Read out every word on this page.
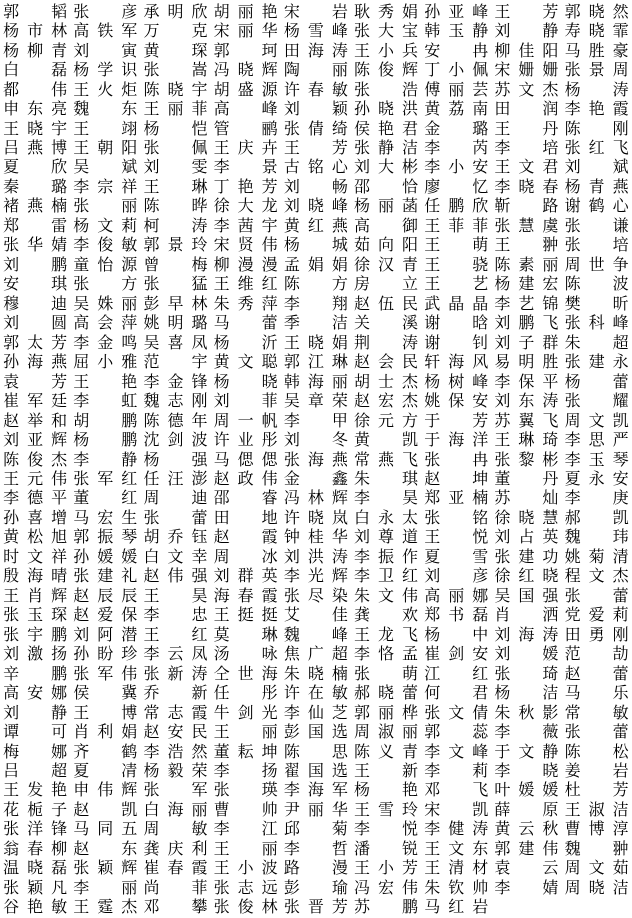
郭 韬
杨 市 林
杨 柳 青
白 磊
都 伟
申 东 亮
王 晓 宇
吕 燕 博
夏 欣
秦 璐
褚 燕 楠
郑 雷
张 华 婧
刘 鹏
安 琪
穆 迪
刘 圆
郭 太 芳
孙 海 燕
袁 芳
崔 军 廷
赵 举 和
刘 亚 辉
陈 俊 杰
王 元 伟
李 德 平
孙 喜 增
黄 松 旭
时 文 祥
殷 海 晴
王 肖 辉
张 玉 琛
张 宇 鹏
刘 激 扬
辛 鹏
高 安 娜
刘 静
谭 可
梅 娜
吕 超
王 发 艳
花 栀 子
张 洋 锋
翁 春 柳
温 晓 磊
张 颖 凡
谷 艳 敏
张 彦
高 铁 军
刘 寅
杨 学 识
王 火 炬
魏 东
王 翊
王 朝 阳
吴 斌
李 宗 祥
张 丽
杨 文 莉
李 俊 敏
童 怡 源
张 方
吴 姝 丽
高 会 萍
李 金 鸣
屈 小 雅
王 艳
李 虹
胡 鹏
杨 鹏
李 静
张 军 红
董 红
马 宏 生
郭 振 琴
孙 媛 媛
张 建 礼
赵 辰 辰
赵 爱 保
刘 阿 潜
孙 盼 珍
张 军 伟
侯 冀
王 博
肖 利 娟
齐 鹤
夏 凊
申 伟 辉
赵 凯
马 同 五
赵 东
张 颖 辉
李 丽
王 霆 杰
承 明 欣
万 克
黄 琛
张 嵩
陈 晓 宇
王 丽 菲
杨 恺
张 佩
刘 雯
王 琳
陈 晔
柯 涛
郭 景 玲
曾 梅
张 猛
彭 早 林
姚 明 璐
吴 喜 凤
范 宇
李 金 锋
魏 志 刚
陈 德 年
沈 剑 波
杨 强
任 汪 澎
周 迪
张 蕾
胡 乔 钰
白 文 幸
赵 伟 强
王 昊
李 忠
王 红
李 云 凤
张 新 涛
乔 新
常 志 霞
赵 安 民
李 浩 然
杨 毅 荣
张 军
白 海 丽
周 敏
龚 庆 利
崔 春 霞
尚 菲
邓 攀
胡 丽 艳
宋 丽 华
郭 珂
冯 晓 辉
胡 盛 源
高 峰
管 鹂
王 庆 卉
李 景
丁 艳 芳
徐 大 龙
李 茜 宇
宋 贤 伟
柳 漫 漫
王 维 红
朱 秀 萍
马 蕾
杨 沂
黄 文 聪
杨 晓
刘 菲
周 一 帆
许 业 彤
马 偲 偲
赵 政 伟
邵 睿
田 地
赵 霞
周 冰
刘 群 英
海 春 霞
王 挺 挺
莫 琳
汤 咏
仝 世 海
任 彤
牛 剑 光
王 丽
董 耘 坤
李 扬
张 瑛
曹 帅
李 江
王 丽
王 小 波
张 志 远
张 俊 林
宋 岩
杨 雪 峰
田 海 涛
陶 丽
许 春 敏
刘 颖
张 倩 绮
王 芳
古 铭 心
刘 畅
刘 晓 峰
黄 红 燕
杨 城
孟 娟 娟
陈 方
李 翔
季 洁
王 晓 娟
郭 江 琳
韩 海 丽
吴 章 荣
李 甲
刘 冬
张 海 燕
金 鑫
冯 林 辉
许 晓 岚
钟 桂 华
刘 洪 涛
李 光 辉
张 尽 染
艾 佳
魏 峰
焦 广 超
朱 晓 楠
许 在 敏
李 仙 芝
彭 国 选
陈 思
翟 国 选
李 海 军
尹 丽 华
邱 菊
李 哲
路 漫
彭 瑜
张 晋 芳
耿 秀 娟
张 大 宝
王 小 兵
陈 俊 辉
张 浩
孙 晓 洪
侯 艳 君
张 静 洁
刘 大 彬
邵 恰
杨 丽 菡
高 御
茹 向 阳
徐 汉 青
房 立
赵 伍 民
关 溪
荆 涛
赵 会 民
胡 士 杰
赵 宏 杰
徐 元 方
黄 凯
常 燕 飞
朱 琪
李 昊
白 永 太
刘 尊 道
李 振 作
李 卫 红
朱 文 伟
龚 欢
王 龙 飞
李 恪 孟
张 萌
郝 晓 蕾
郭 丽 桦
周 淑 丽
陈 义 青
王 新
杨 艳
王 雪 玲
李 悦
潘 锐
王 小 芳
冯 宏 伟
苏 鹏
孙 亚 峰
韩 玉 静
安 冉
丁 小 佩
傅 丽 芸
黄 荔 南
金 璐
李 芮
李 小 安
廖 忆
任 鹏 欣
王 菲 菲
王 萌
王 骁
王 艺
武 晶 晶
谢 晗
谢 钊
轩 海 风
杨 树 峰
姚 保 安
于 芳
于 海 洋
张 冉
赵 坤
郑 亚 楠
张 铭
王 悦
夏 雪
刘 彦
高 丽 娜
郑 书 磊
杨 中
崔 剑 安
江 红
何 君
张 文 倩
郭 蕊
李 文 峰
李 莉
邓 飞
宋 凯
李 健 涛
王 文 东
王 清 材
朱 钦 帅
马 红 岩
王 芳
刘 静
柳 佳 阳
宋 姗 姗
苏 文 杰
田 润
王 丹
李 培
王 文 君
李 晓 春
靳 路
张 慧 虞
王 翀
陈 素 丽
杨 建 宏
李 艺 锦
刘 鹏 飞
刘 子 群
易 明 胜
李 保 平
刘 东 涛
苏 翼 飞
王 琳 琦
张 黎 彬
董 丹
苏 灿
徐 晓 慧
刘 占 英
张 建 功
徐 红 晓
吴 国 强
肖 洒
刘 海 涛
刘 媛
张 琦
杨 洁
朱 秋 影
李 薇
于 文 静
李 晓
叶 媛 媛
薛 原
黄 云 秋
郭 建 伟
袁 云
李 婧
郭 晓 然
寿 晓 霏
马 胜 豪
张 景 周
杨 涛
李 艳 霞
陈 刚
张 红 飞
刘 斌
杨 青 燕
谢 鹤 心
张 谦
张 培
周 世 争
陈 波
樊 昕
张 科 峰
朱 超
张 建 永
杨 蕾
张 耀
周 文 凯
李 思 严
李 玉 琴
夏 永 安
李 庚
郝 凯
魏 玮
姚 菊 清
程 文 杰
张 蕾
党 爱 莉
田 勇 刚
范 劼
赵 蕾
马 乐
常 敏
张 蕾
陈 松
姜 岩
杜 芳
王 淑 洁
曹 博 淳
魏 翀
周 文 茹
周 晓 洁
